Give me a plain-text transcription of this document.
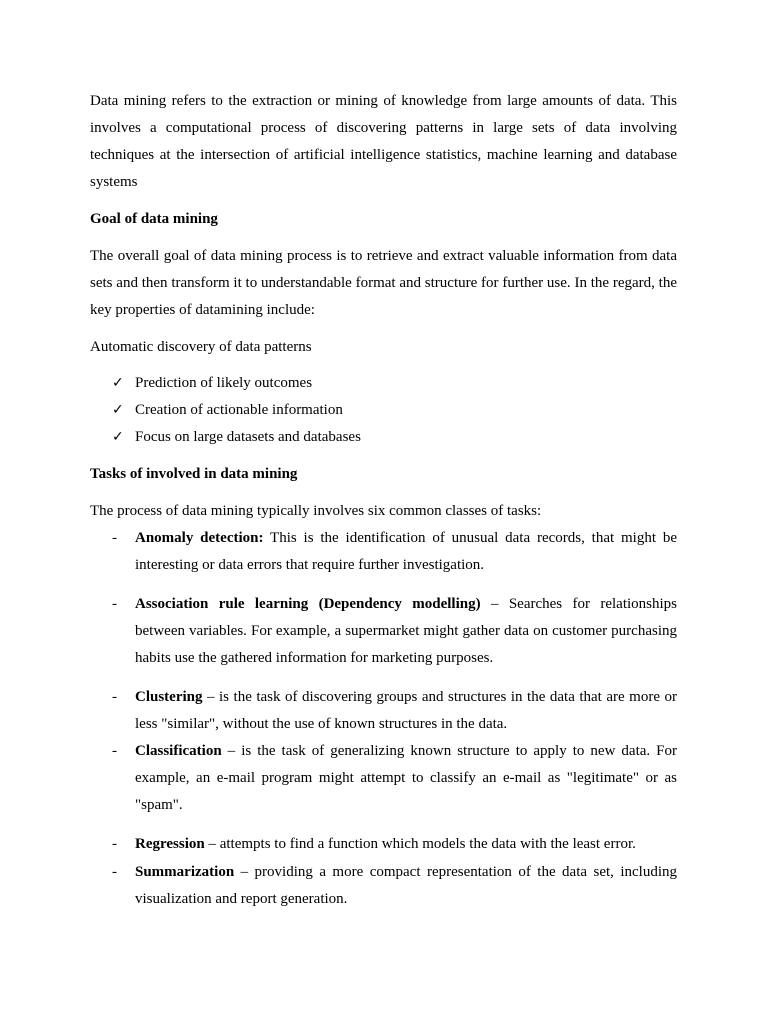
Data mining refers to the extraction or mining of knowledge from large amounts of data. This involves a computational process of discovering patterns in large sets of data involving techniques at the intersection of artificial intelligence statistics, machine learning and database systems

Goal of data mining

The overall goal of data mining process is to retrieve and extract valuable information from data sets and then transform it to understandable format and structure for further use. In the regard, the key properties of datamining include:

Automatic discovery of data patterns

✓ Prediction of likely outcomes
✓ Creation of actionable information
✓ Focus on large datasets and databases

Tasks of involved in data mining

The process of data mining typically involves six common classes of tasks:

- Anomaly detection: This is the identification of unusual data records, that might be interesting or data errors that require further investigation.
- Association rule learning (Dependency modelling) – Searches for relationships between variables. For example, a supermarket might gather data on customer purchasing habits use the gathered information for marketing purposes.
- Clustering – is the task of discovering groups and structures in the data that are more or less "similar", without the use of known structures in the data.
- Classification – is the task of generalizing known structure to apply to new data. For example, an e-mail program might attempt to classify an e-mail as "legitimate" or as "spam".
- Regression – attempts to find a function which models the data with the least error.
- Summarization – providing a more compact representation of the data set, including visualization and report generation.
